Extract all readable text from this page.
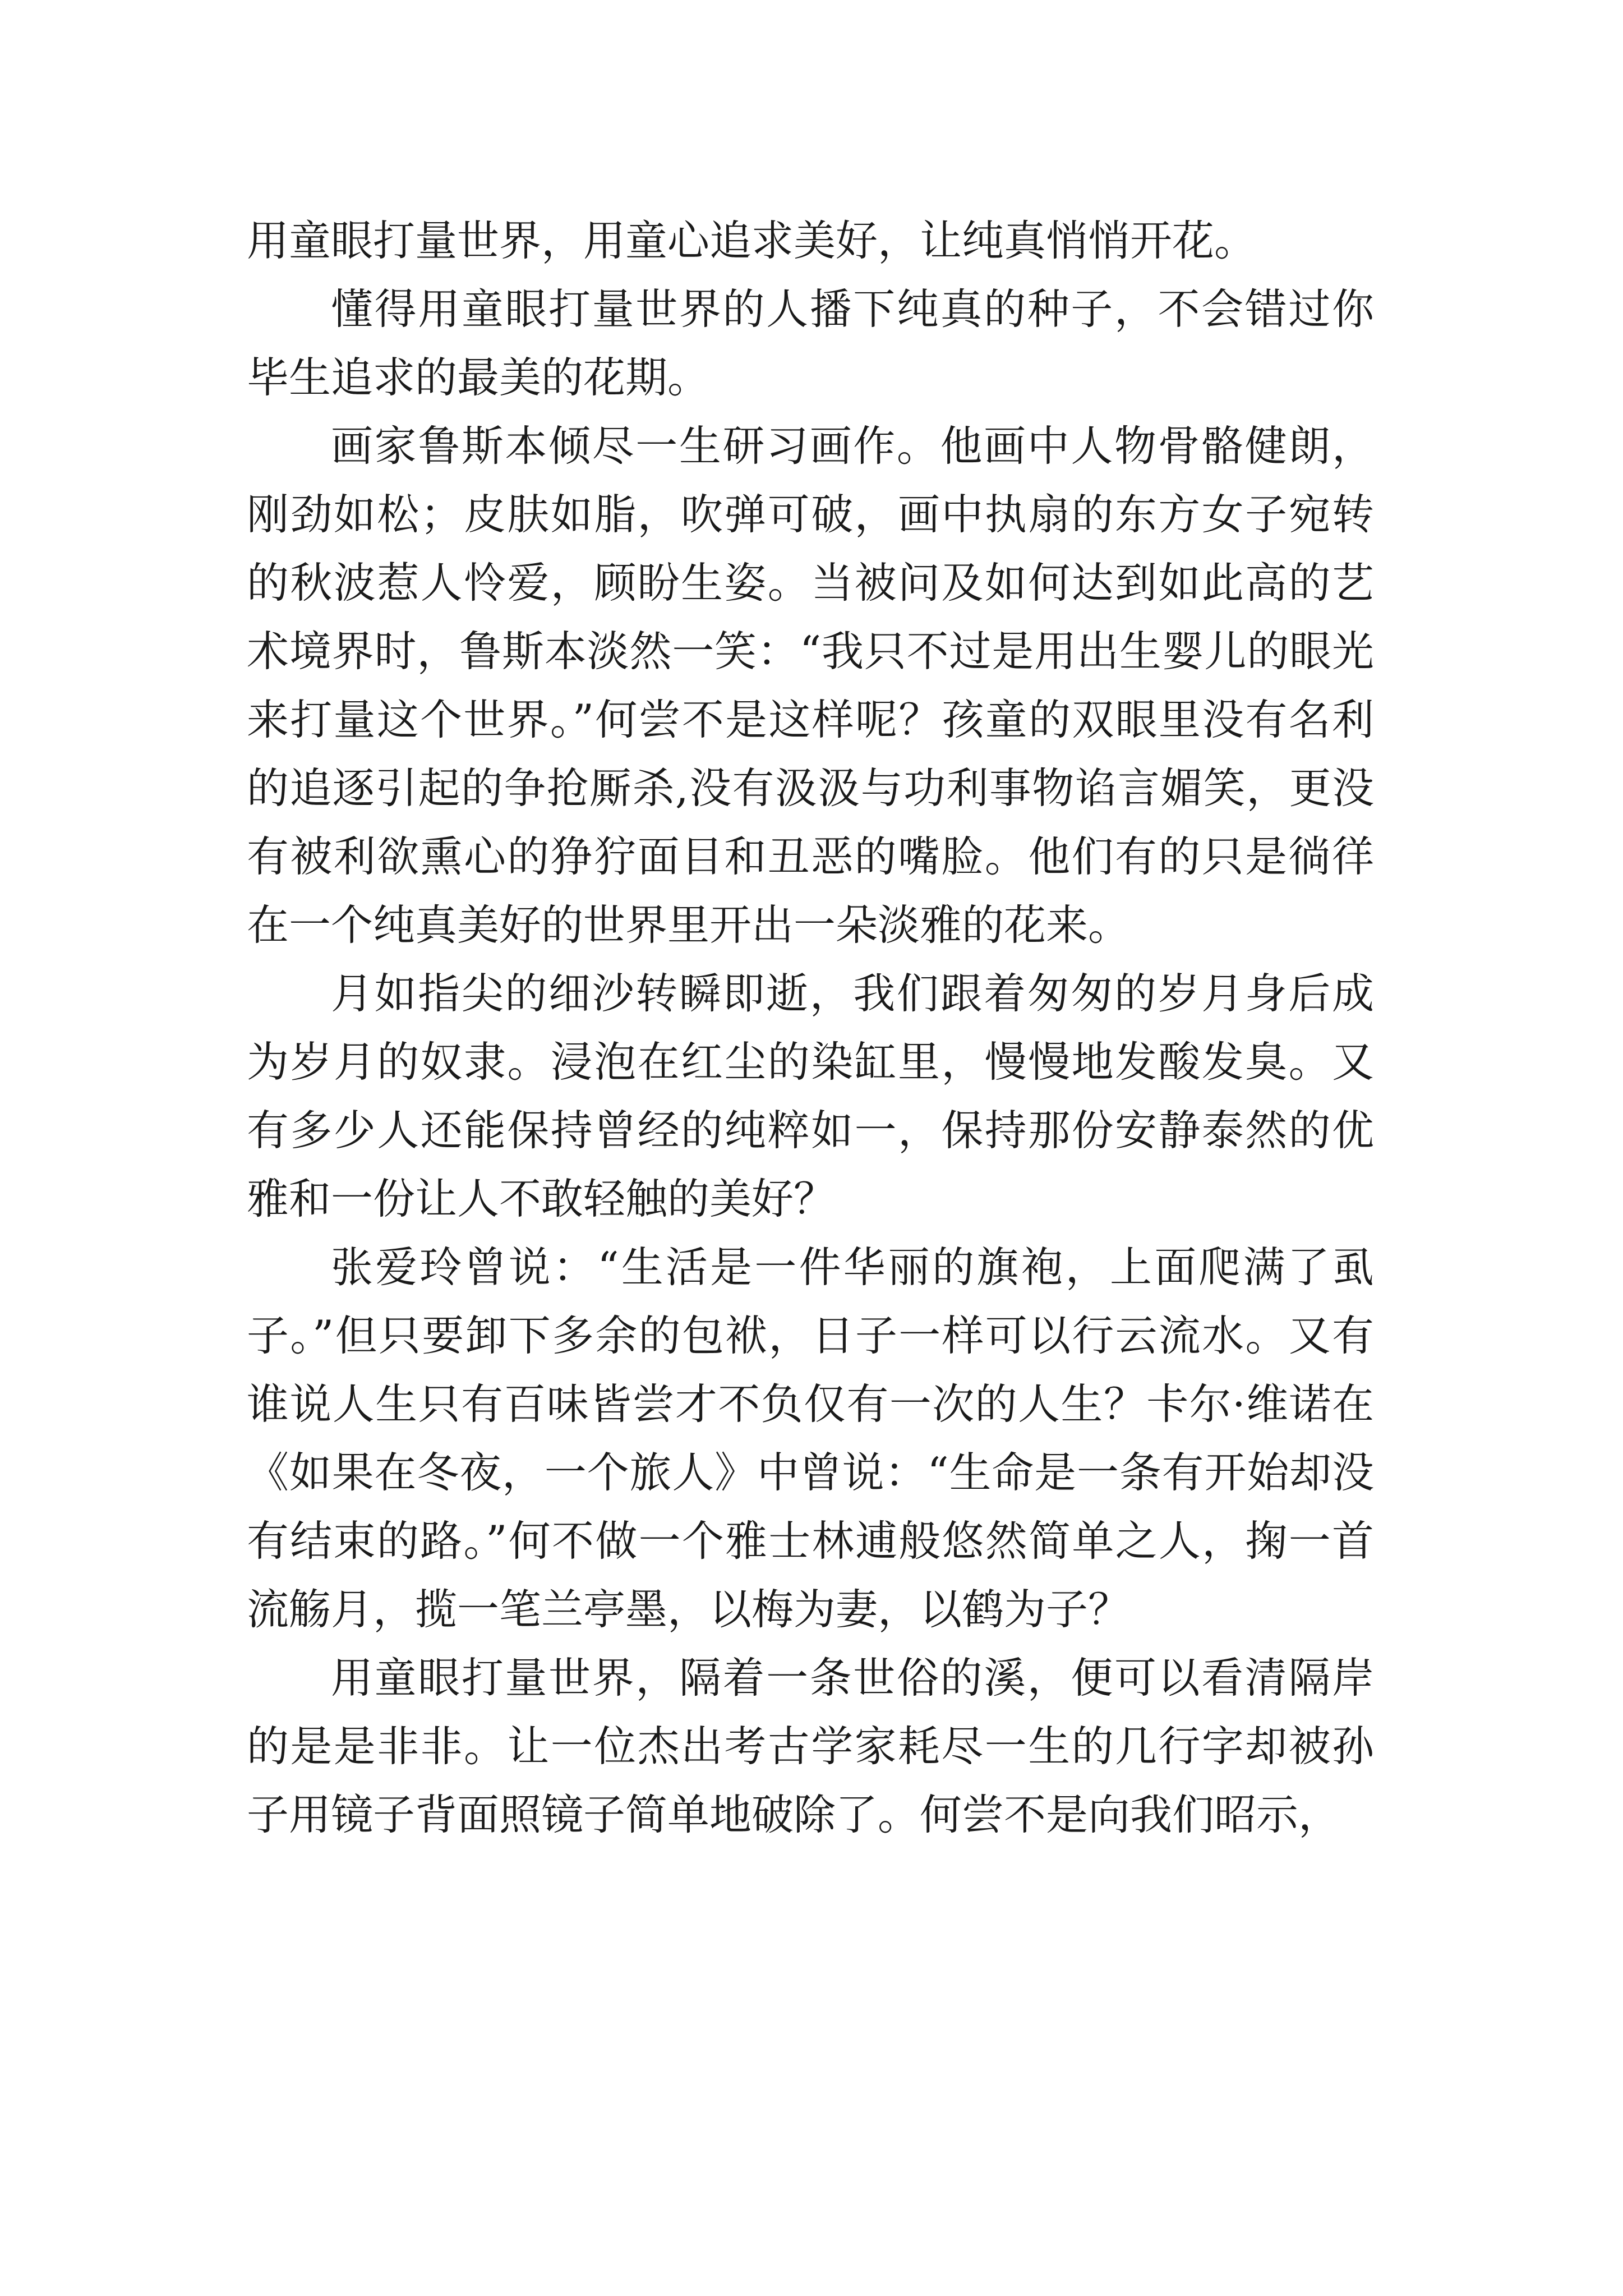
用童眼打量世界，用童心追求美好，让纯真悄悄开花。

懂得用童眼打量世界的人播下纯真的种子，不会错过你毕生追求的最美的花期。

画家鲁斯本倾尽一生研习画作。他画中人物骨骼健朗，刚劲如松；皮肤如脂，吹弹可破，画中执扇的东方女子宛转的秋波惹人怜爱，顾盼生姿。当被问及如何达到如此高的艺术境界时，鲁斯本淡然一笑：“我只不过是用出生婴儿的眼光来打量这个世界。”何尝不是这样呢？孩童的双眼里没有名利的追逐引起的争抢厮杀,没有汲汲与功利事物谄言媚笑，更没有被利欲熏心的狰狞面目和丑恶的嘴脸。他们有的只是徜徉在一个纯真美好的世界里开出一朵淡雅的花来。

月如指尖的细沙转瞬即逝，我们跟着匆匆的岁月身后成为岁月的奴隶。浸泡在红尘的染缸里，慢慢地发酸发臭。又有多少人还能保持曾经的纯粹如一，保持那份安静泰然的优雅和一份让人不敢轻触的美好？

张爱玲曾说：“生活是一件华丽的旗袍，上面爬满了虱子。”但只要卸下多余的包袱，日子一样可以行云流水。又有谁说人生只有百味皆尝才不负仅有一次的人生？卡尔·维诺在《如果在冬夜，一个旅人》中曾说：“生命是一条有开始却没有结束的路。”何不做一个雅士林逋般悠然简单之人，掬一首流觞月，揽一笔兰亭墨，以梅为妻，以鹤为子？

用童眼打量世界，隔着一条世俗的溪，便可以看清隔岸的是是非非。让一位杰出考古学家耗尽一生的几行字却被孙子用镜子背面照镜子简单地破除了。何尝不是向我们昭示，
